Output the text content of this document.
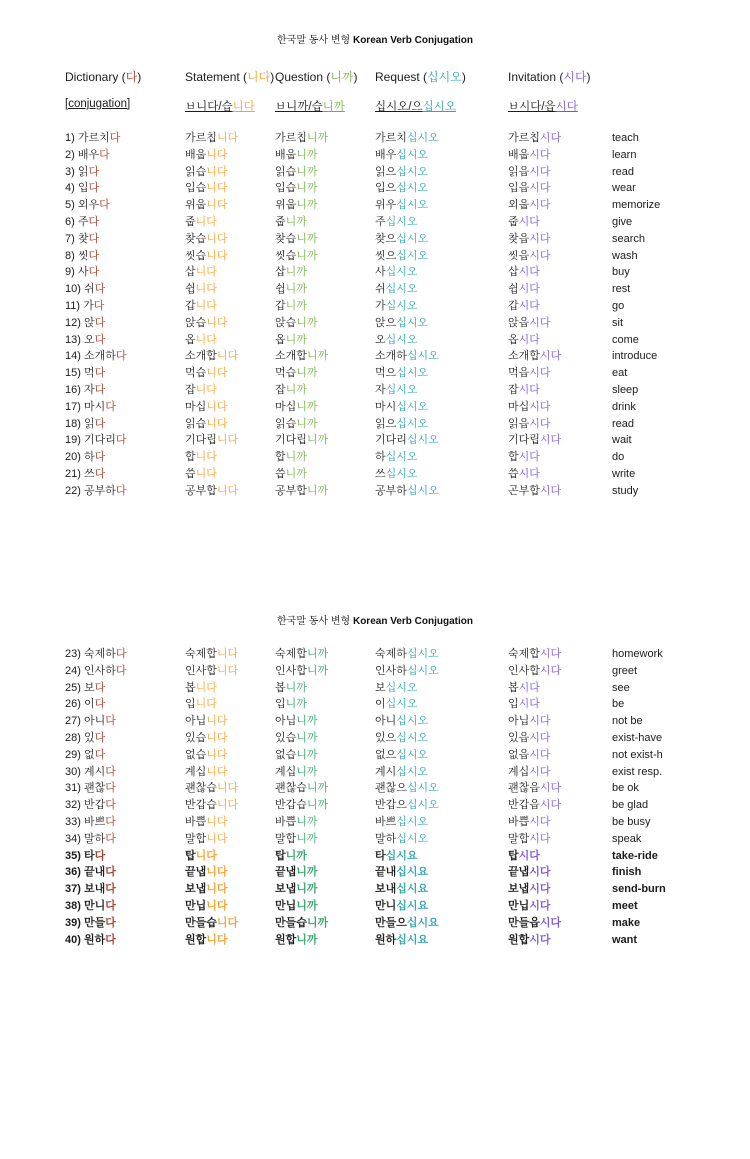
한국말 동사 변형 Korean Verb Conjugation
Dictionary (다)	Statement (니다) Question (니까)	Request (십시오)	Invitation (시다)
[conjugation]	ㅂ니다/습니다	ㅂ니까/습니까	십시오/으십시오	ㅂ시다/읍시다
1) 가르치다	가르칩니다	가르칩니까	가르치십시오	가르칩시다	teach
2) 배우다	배웁니다	배웁니까	배우십시오	배웁시다	learn
3) 읽다	읽습니다	읽습니까	읽으십시오	읽읍시다	read
4) 입다	입습니다	입습니까	입으십시오	입읍시다	wear
5) 외우다	위웁니다	위웁니까	위우십시오	외웁시다	memorize
6) 주다	줍니다	줍니까	주십시오	줍시다	give
7) 찾다	찾습니다	찾습니까	찾으십시오	찾읍시다	search
8) 씻다	씻습니다	씻습니까	씻으십시오	씻읍시다	wash
9) 사다	삽니다	삽니까	사십시오	삽시다	buy
10) 쉬다	쉽니다	쉽니까	쉬십시오	쉽시다	rest
11) 가다	갑니다	갑니까	가십시오	갑시다	go
12) 앉다	앉습니다	앉습니까	앉으십시오	앉읍시다	sit
13) 오다	옵니다	옵니까	오십시오	옵시다	come
14) 소개하다	소개합니다	소개합니까	소개하십시오	소개합시다	introduce
15) 먹다	먹습니다	먹습니까	먹으십시오	먹읍시다	eat
16) 자다	잡니다	잡니까	자십시오	잡시다	sleep
17) 마시다	마십니다	마십니까	마시십시오	마십시다	drink
18) 읽다	읽습니다	읽습니까	읽으십시오	읽읍시다	read
19) 기다리다	기다립니다	기다립니까	기다리십시오	기다립시다	wait
20) 하다	합니다	합니까	하십시오	합시다	do
21) 쓰다	씁니다	씁니까	쓰십시오	씁시다	write
22) 공부하다	공부합니다	공부합니까	공부하십시오	곤부합시다	study
한국말 동사 변형 Korean Verb Conjugation
23) 숙제하다	숙제합니다	숙제합니까	숙제하십시오	숙제합시다	homework
24) 인사하다	인사합니다	인사합니까	인사하십시오	인사합시다	greet
25) 보다	봅니다	봅니까	보십시오	봅시다	see
26) 이다	입니다	입니까	이십시오	입시다	be
27) 아니다	아닙니다	아닙니까	아니십시오	아닙시다	not be
28) 있다	있습니다	있습니까	있으십시오	있읍시다	exist-have
29) 없다	없습니다	없습니까	없으십시오	없읍시다	not exist-h
30) 계시다	계십니다	계십니까	계시십시오	계십시다	exist resp.
31) 괜찮다	괜찮습니다	괜찮습니까	괜찮으십시오	괜찮읍시다	be ok
32) 반갑다	반갑습니다	반갑습니까	반갑으십시오	반갑읍시다	be glad
33) 바쁘다	바쁩니다	바쁩니까	바쁘십시오	바쁩시다	be busy
34) 말하다	말합니다	말합니까	말하십시오	말합시다	speak
35) 타다	탑니다	탑니까	타십시요	탑시다	take-ride
36) 끝내다	끝냅니다	끝냅니까	끝내십시요	끝냅시다	finish
37) 보내다	보냅니다	보냅니까	보내십시요	보냅시다	send-burn
38) 만니다	만닙니다	만닙니까	만니십시요	만닙시다	meet
39) 만들다	만들습니다	만들습니까	만들으십시요	만들읍시다	make
40) 원하다	원합니다	원합니까	원하십시요	원합시다	want
